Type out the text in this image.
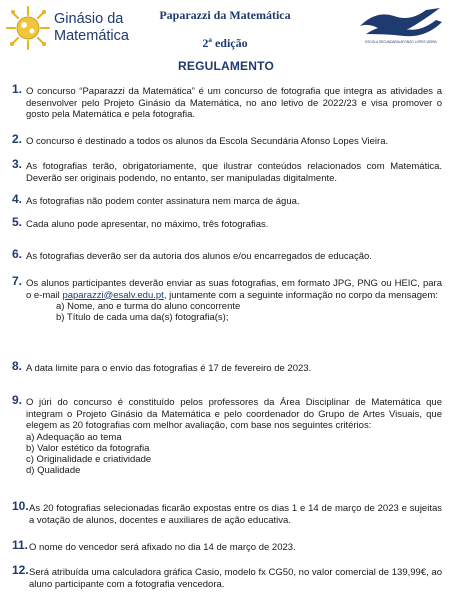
Ginásio da
Matemática
Paparazzi da Matemática
2ª edição	ESCOLA SECUNDÁRIA AFONSO LOPES VIEIRA
REGULAMENTO
1. O concurso “Paparazzi da Matemática” é um concurso de fotografia que integra as atividades a desenvolver pelo Projeto Ginásio da Matemática, no ano letivo de 2022/23 e visa promover o gosto pela Matemática e pela fotografia.
2. O concurso é destinado a todos os alunos da Escola Secundária Afonso Lopes Vieira.
3. As fotografias terão, obrigatoriamente, que ilustrar conteúdos relacionados com Matemática. Deverão ser originais podendo, no entanto, ser manipuladas digitalmente.
4. As fotografias não podem conter assinatura nem marca de água.
5. Cada aluno pode apresentar, no máximo, três fotografias.
6. As fotografias deverão ser da autoria dos alunos e/ou encarregados de educação.
7. Os alunos participantes deverão enviar as suas fotografias, em formato JPG, PNG ou HEIC, para o e-mail paparazzi@esalv.edu.pt, juntamente com a seguinte informação no corpo da mensagem:
a) Nome, ano e turma do aluno concorrente
b) Título de cada uma da(s) fotografia(s);
8. A data limite para o envio das fotografias é 17 de fevereiro de 2023.
9. O júri do concurso é constituído pelos professores da Área Disciplinar de Matemática que integram o Projeto Ginásio da Matemática e pelo coordenador do Grupo de Artes Visuais, que elegem as 20 fotografias com melhor avaliação, com base nos seguintes critérios:
a) Adequação ao tema
b) Valor estético da fotografia
c) Originalidade e criatividade
d) Qualidade
10. As 20 fotografias selecionadas ficarão expostas entre os dias 1 e 14 de março de 2023 e sujeitas a votação de alunos, docentes e auxiliares de ação educativa.
11. O nome do vencedor será afixado no dia 14 de março de 2023.
12. Será atribuída uma calculadora gráfica Casio, modelo fx CG50, no valor comercial de 139,99€, ao aluno participante com a fotografia vencedora.
